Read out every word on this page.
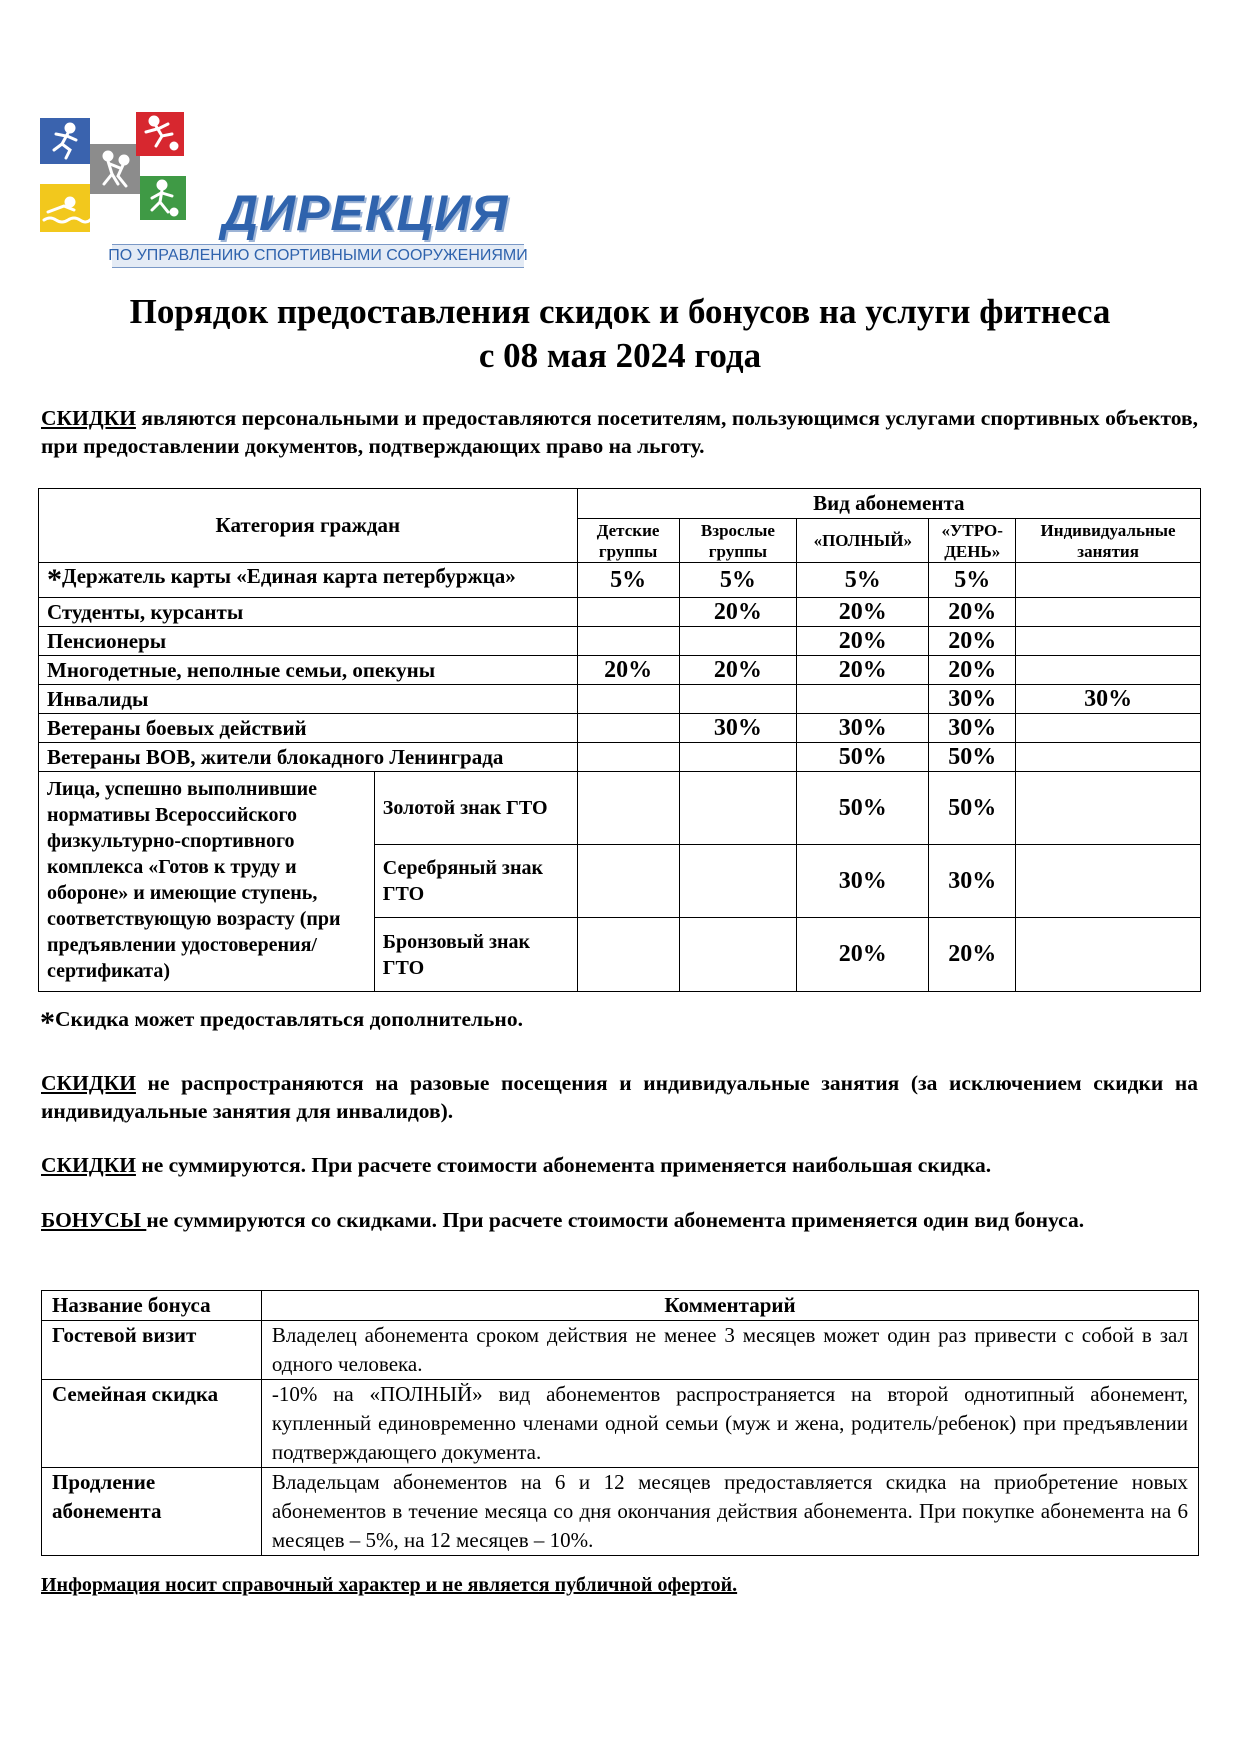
ДИРЕКЦИЯ
ПО УПРАВЛЕНИЮ СПОРТИВНЫМИ СООРУЖЕНИЯМИ
Порядок предоставления скидок и бонусов на услуги фитнеса
с 08 мая 2024 года
СКИДКИ являются персональными и предоставляются посетителям, пользующимся услугами спортивных объектов, при предоставлении документов, подтверждающих право на льготу.
Категория граждан		Вид абонемента				
		Детские группы	Взрослые группы	«ПОЛНЫЙ»	«УТРО-ДЕНЬ»	Индивидуальные занятия
*Держатель карты «Единая карта петербуржца»		5%	5%	5%	5%	
Студенты, курсанты			20%	20%	20%	
Пенсионеры				20%	20%	
Многодетные, неполные семьи, опекуны		20%	20%	20%	20%	
Инвалиды					30%	30%
Ветераны боевых действий			30%	30%	30%	
Ветераны ВОВ, жители блокадного Ленинграда				50%	50%	
Лица, успешно выполнившие нормативы Всероссийского физкультурно-спортивного комплекса «Готов к труду и обороне» и имеющие ступень, соответствующую возрасту (при предъявлении удостоверения/сертификата)	Золотой знак ГТО			50%	50%	
	Серебряный знак ГТО			30%	30%	
	Бронзовый знак ГТО			20%	20%	
*Скидка может предоставляться дополнительно.
СКИДКИ не распространяются на разовые посещения и индивидуальные занятия (за исключением скидки на индивидуальные занятия для инвалидов).
СКИДКИ не суммируются. При расчете стоимости абонемента применяется наибольшая скидка.
БОНУСЫ не суммируются со скидками. При расчете стоимости абонемента применяется один вид бонуса.
Название бонуса	Комментарий
Гостевой визит	Владелец абонемента сроком действия не менее 3 месяцев может один раз привести с собой в зал одного человека.
Семейная скидка	-10% на «ПОЛНЫЙ» вид абонементов распространяется на второй однотипный абонемент, купленный единовременно членами одной семьи (муж и жена, родитель/ребенок) при предъявлении подтверждающего документа.
Продление абонемента	Владельцам абонементов на 6 и 12 месяцев предоставляется скидка на приобретение новых абонементов в течение месяца со дня окончания действия абонемента. При покупке абонемента на 6 месяцев – 5%, на 12 месяцев – 10%.
Информация носит справочный характер и не является публичной офертой.
